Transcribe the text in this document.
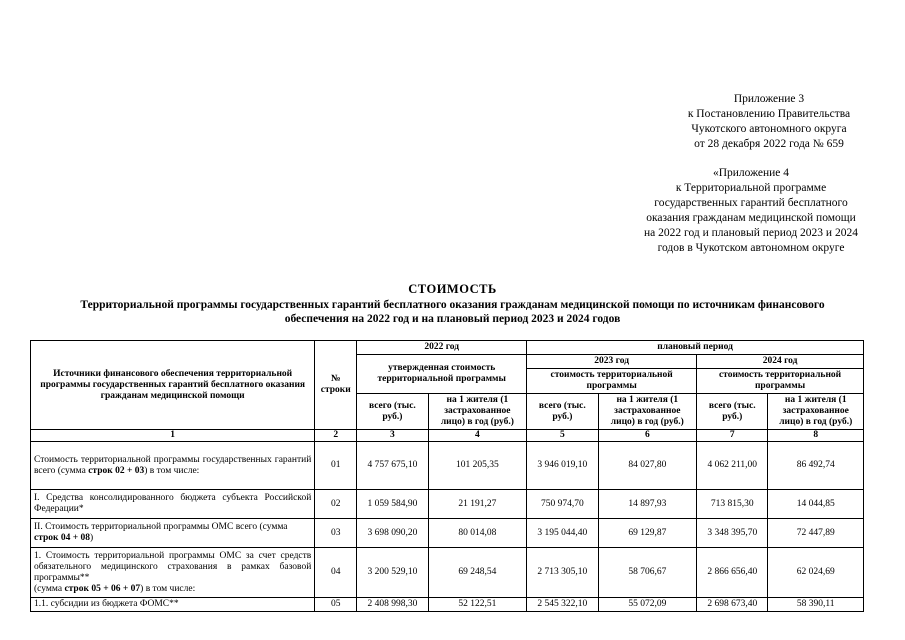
Приложение 3
к Постановлению Правительства
Чукотского автономного округа
от 28 декабря 2022 года № 659
«Приложение 4
к Территориальной программе
государственных гарантий бесплатного
оказания гражданам медицинской помощи
на 2022 год и плановый период 2023 и 2024
годов в Чукотском автономном округе
СТОИМОСТЬ
Территориальной программы государственных гарантий бесплатного оказания гражданам медицинской помощи по источникам финансового обеспечения на 2022 год и на плановый период 2023 и 2024 годов
Источники финансового обеспечения территориальной программы государственных гарантий бесплатного оказания гражданам медицинской помощи	№ строки	2022 год		плановый период			
		утвержденная стоимость территориальной программы		2023 год		2024 год	
				стоимость территориальной программы		стоимость территориальной программы	
		всего (тыс. руб.)	на 1 жителя (1 застрахованное лицо) в год (руб.)	всего (тыс. руб.)	на 1 жителя (1 застрахованное лицо) в год (руб.)	всего (тыс. руб.)	на 1 жителя (1 застрахованное лицо) в год (руб.)
1	2	3	4	5	6	7	8
Стоимость территориальной программы государственных гарантий всего (сумма строк 02 + 03) в том числе:	01	4 757 675,10	101 205,35	3 946 019,10	84 027,80	4 062 211,00	86 492,74
I. Средства консолидированного бюджета субъекта Российской Федерации*	02	1 059 584,90	21 191,27	750 974,70	14 897,93	713 815,30	14 044,85
II. Стоимость территориальной программы ОМС всего (сумма строк 04 + 08)	03	3 698 090,20	80 014,08	3 195 044,40	69 129,87	3 348 395,70	72 447,89
1. Стоимость территориальной программы ОМС за счет средств обязательного медицинского страхования в рамках базовой программы**
(сумма строк 05 + 06 + 07) в том числе:	04	3 200 529,10	69 248,54	2 713 305,10	58 706,67	2 866 656,40	62 024,69
1.1. субсидии из бюджета ФОМС**	05	2 408 998,30	52 122,51	2 545 322,10	55 072,09	2 698 673,40	58 390,11
